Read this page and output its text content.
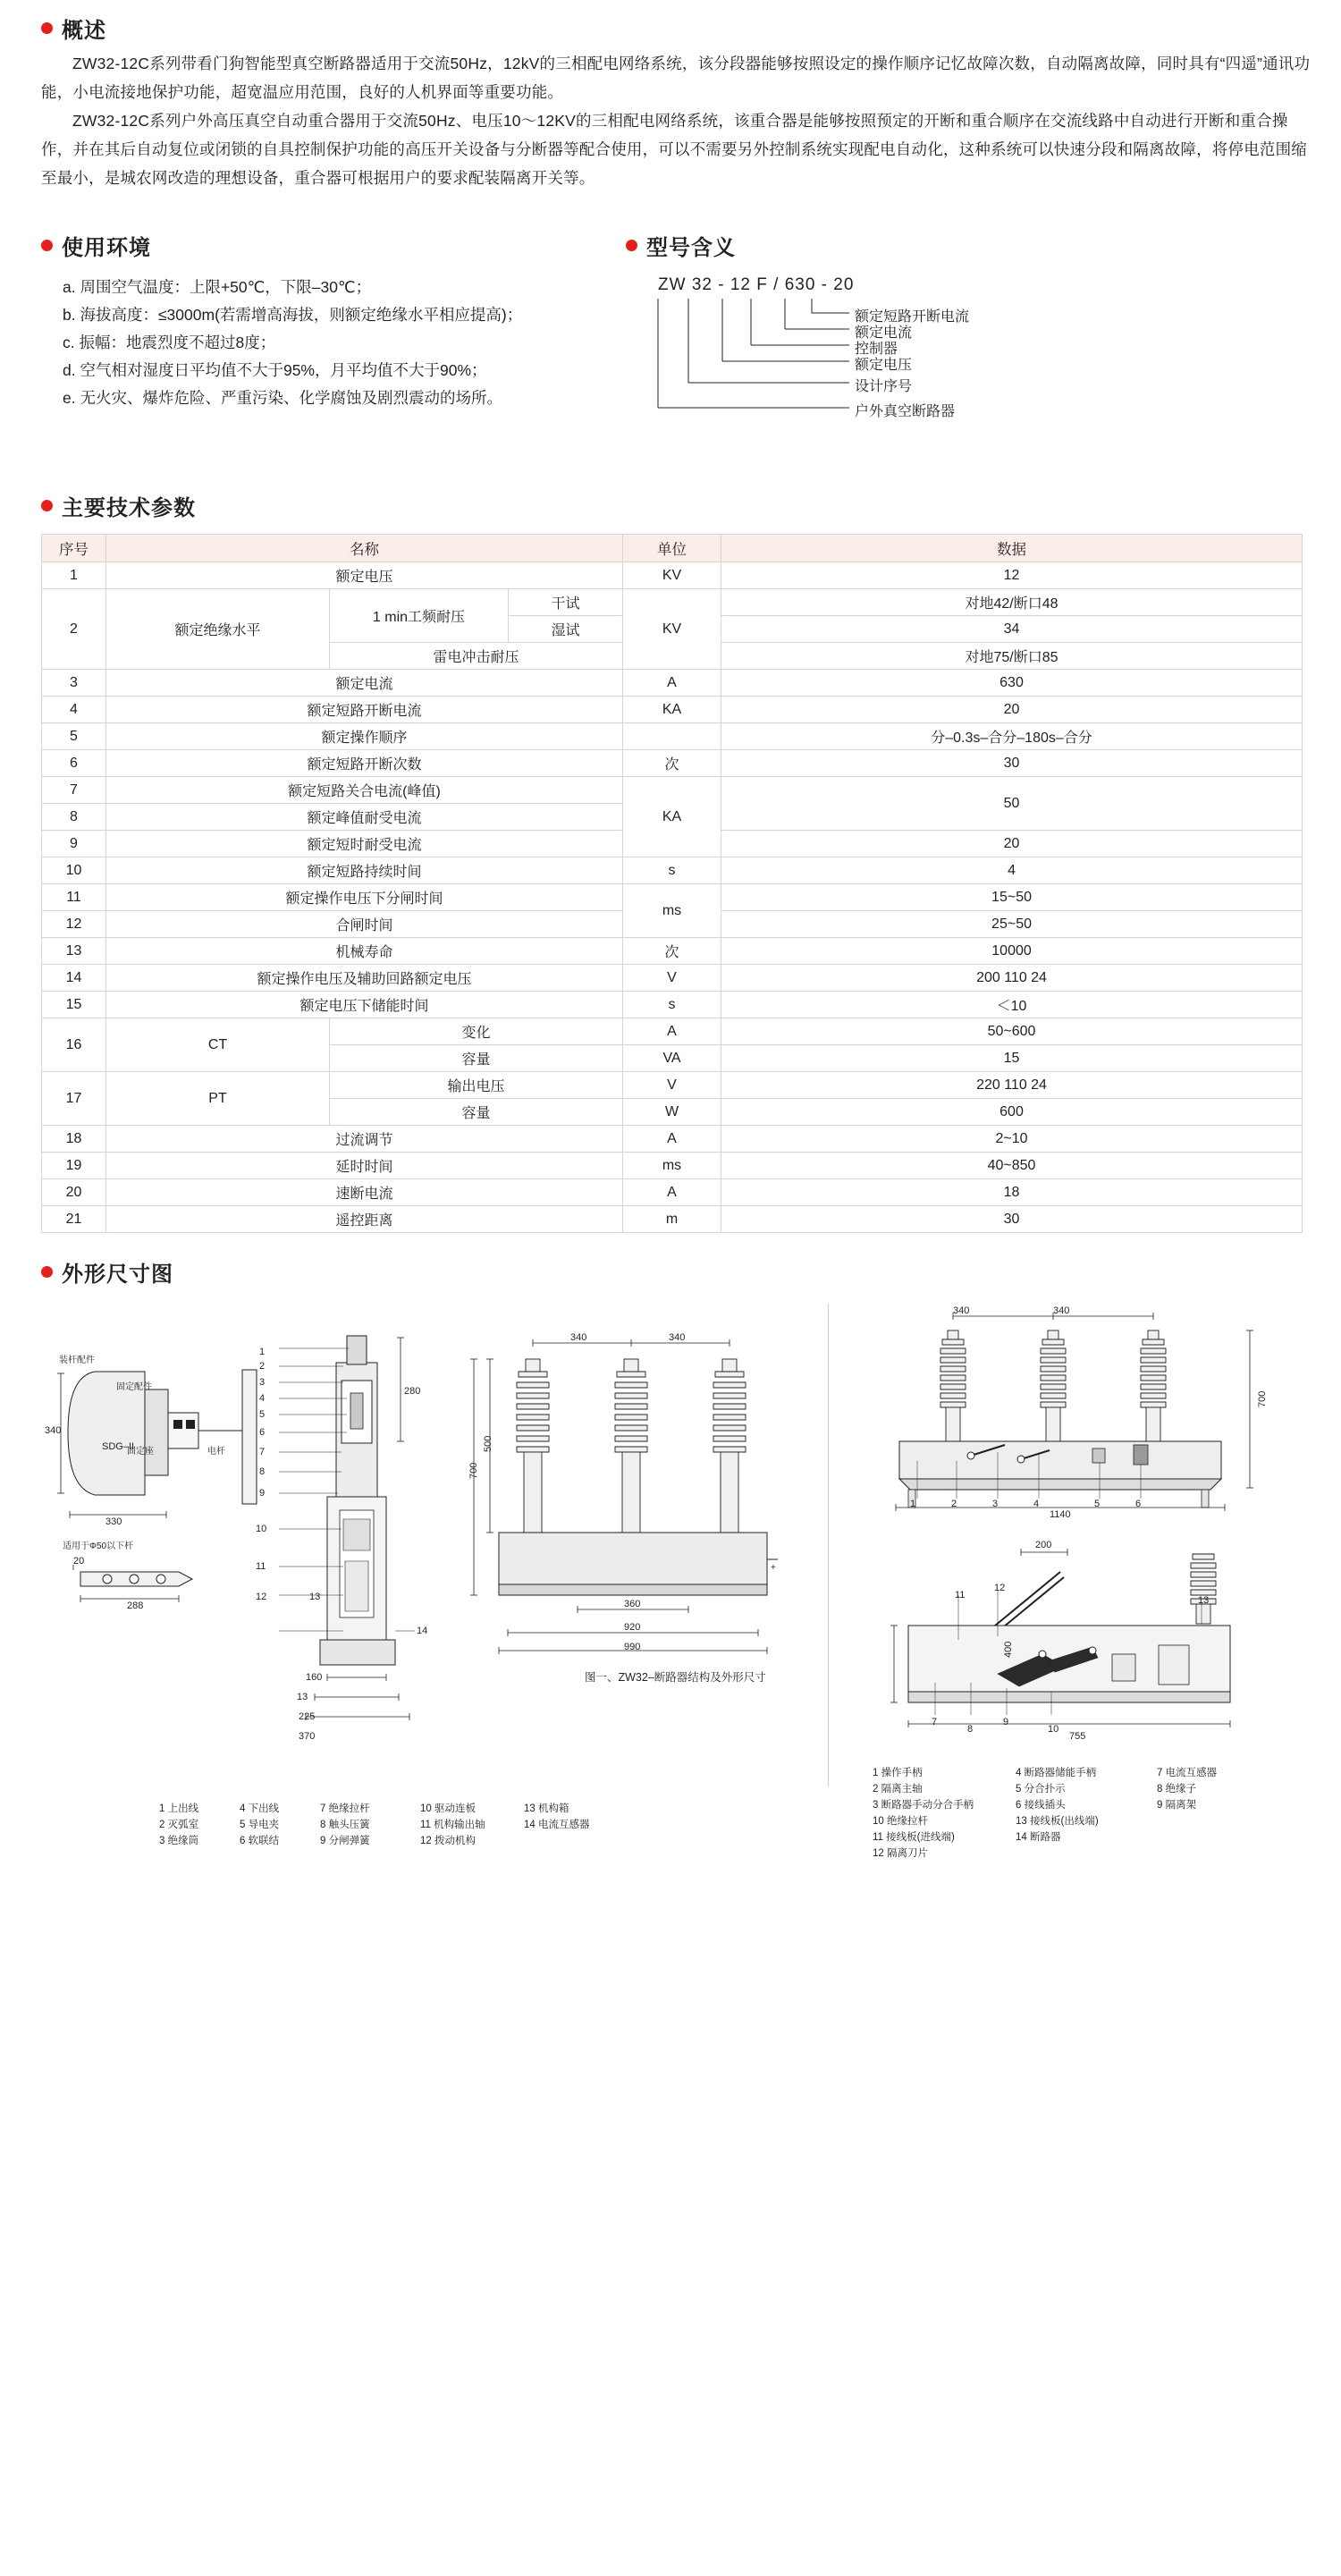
概述

ZW32-12C系列带看门狗智能型真空断路器适用于交流50Hz，12kV的三相配电网络系统，该分段器能够按照设定的操作顺序记忆故障次数，自动隔离故障，同时具有“四遥”通讯功能，小电流接地保护功能，超宽温应用范围，良好的人机界面等重要功能。

ZW32-12C系列户外高压真空自动重合器用于交流50Hz、电压10～12KV的三相配电网络系统，该重合器是能够按照预定的开断和重合顺序在交流线路中自动进行开断和重合操作，并在其后自动复位或闭锁的自具控制保护功能的高压开关设备与分断器等配合使用，可以不需要另外控制系统实现配电自动化，这种系统可以快速分段和隔离故障，将停电范围缩至最小，是城农网改造的理想设备，重合器可根据用户的要求配装隔离开关等。

使用环境
a. 周围空气温度：上限+50℃，下限–30℃；
b. 海拔高度：≤3000m(若需增高海拔，则额定绝缘水平相应提高)；
c. 振幅：地震烈度不超过8度；
d. 空气相对湿度日平均值不大于95%，月平均值不大于90%；
e. 无火灾、爆炸危险、严重污染、化学腐蚀及剧烈震动的场所。
型号含义
ZW 32 - 12 F / 630 - 20
额定短路开断电流
额定电流
控制器
额定电压
设计序号
户外真空断路器
主要技术参数
序号	名称			单位	数据
1	额定电压			KV	12
2	额定绝缘水平	1 min工频耐压	干试	KV	对地42/断口48
			湿试		34
		雷电冲击耐压			对地75/断口85
3	额定电流			A	630
4	额定短路开断电流			KA	20
5	额定操作顺序				分–0.3s–合分–180s–合分
6	额定短路开断次数			次	30
7	额定短路关合电流(峰值)			KA	50
8	额定峰值耐受电流				
9	额定短时耐受电流				20
10	额定短路持续时间			s	4
11	额定操作电压下分闸时间			ms	15~50
12	合闸时间				25~50
13	机械寿命			次	10000
14	额定操作电压及辅助回路额定电压			V	200 110 24
15	额定电压下储能时间			s	＜10
16	CT	变化		A	50~600
		容量		VA	15
17	PT	输出电压		V	220 110 24
		容量		W	600
18	过流调节			A	2~10
19	延时时间			ms	40~850
20	速断电流			A	18
21	遥控距离			m	30
外形尺寸图
340
330
SDG–II
固定配件
装杆配件
固定座	电杆
适用于Φ50以下杆
20
288
1
2
3
4
5
6
7
8
9
10
11
12	13
14
280
160
13
225
370
+
340	340
500
700
360
920
990
图一、ZW32–断路器结构及外形尺寸
340	340
700
1140
1	2	3	4	5	6
200
400
755
11
12
13
7
8
9
10
1 上出线
2 灭弧室
3 绝缘筒
4 下出线
5 导电夹
6 软联结
7 绝缘拉杆
8 触头压簧
9 分闸弹簧
10 驱动连板
11 机构输出轴
12 拨动机构
13 机构箱
14 电流互感器
1 操作手柄
2 隔离主轴
3 断路器手动分合手柄
10 绝缘拉杆
11 接线板(进线端)
12 隔离刀片
4 断路器储能手柄
5 分合扑示
6 接线插头
13 接线板(出线端)
14 断路器
7 电流互感器
8 绝缘子
9 隔离架
